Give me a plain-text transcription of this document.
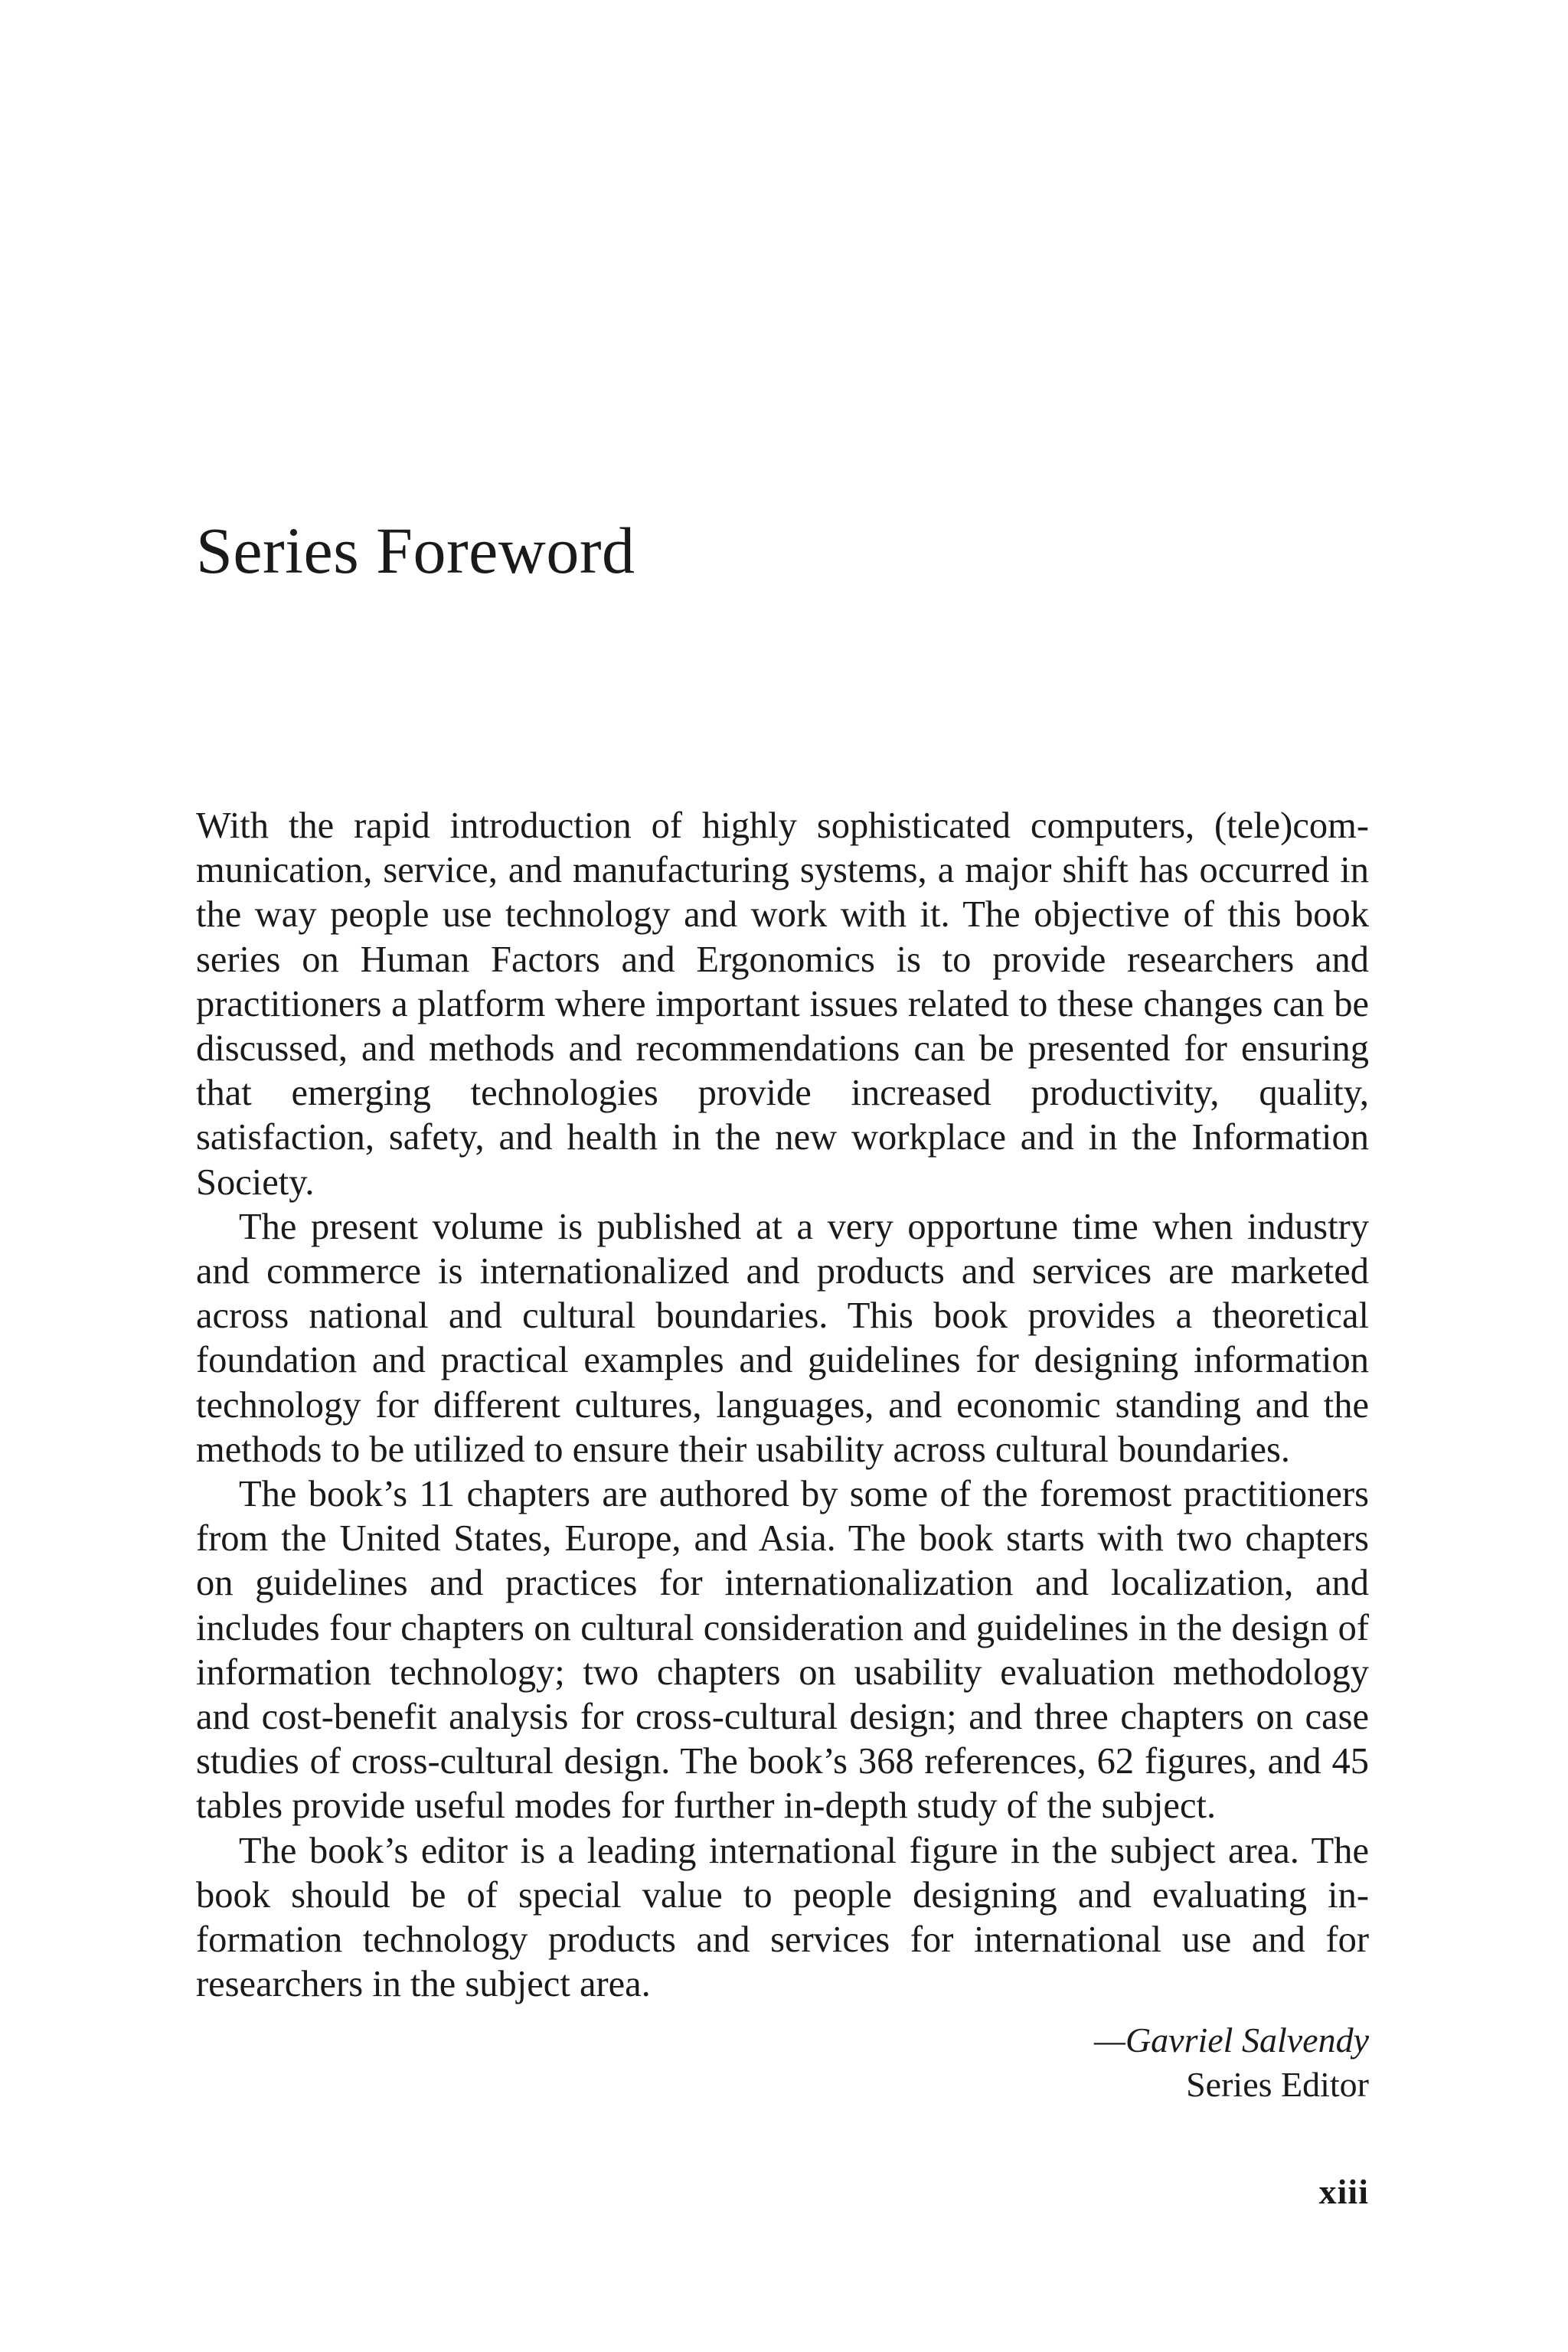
Series Foreword

With the rapid introduction of highly sophisticated computers, (tele)communication, service, and manufacturing systems, a major shift has occurred in the way people use technology and work with it. The objective of this book series on Human Factors and Ergonomics is to provide researchers and practitioners a platform where important issues related to these changes can be discussed, and methods and recommendations can be presented for ensuring that emerging technologies provide increased productivity, quality, satisfaction, safety, and health in the new workplace and in the Information Society.

The present volume is published at a very opportune time when industry and commerce is internationalized and products and services are marketed across national and cultural boundaries. This book provides a theoretical foundation and practical examples and guidelines for designing information technology for different cultures, languages, and economic standing and the methods to be utilized to ensure their usability across cultural boundaries.

The book’s 11 chapters are authored by some of the foremost practitioners from the United States, Europe, and Asia. The book starts with two chapters on guidelines and practices for internationalization and localization, and includes four chapters on cultural consideration and guidelines in the design of information technology; two chapters on usability evaluation methodology and cost-benefit analysis for cross-cultural design; and three chapters on case studies of cross-cultural design. The book’s 368 references, 62 figures, and 45 tables provide useful modes for further in-depth study of the subject.

The book’s editor is a leading international figure in the subject area. The book should be of special value to people designing and evaluating information technology products and services for international use and for researchers in the subject area.

—Gavriel Salvendy
Series Editor
xiii
